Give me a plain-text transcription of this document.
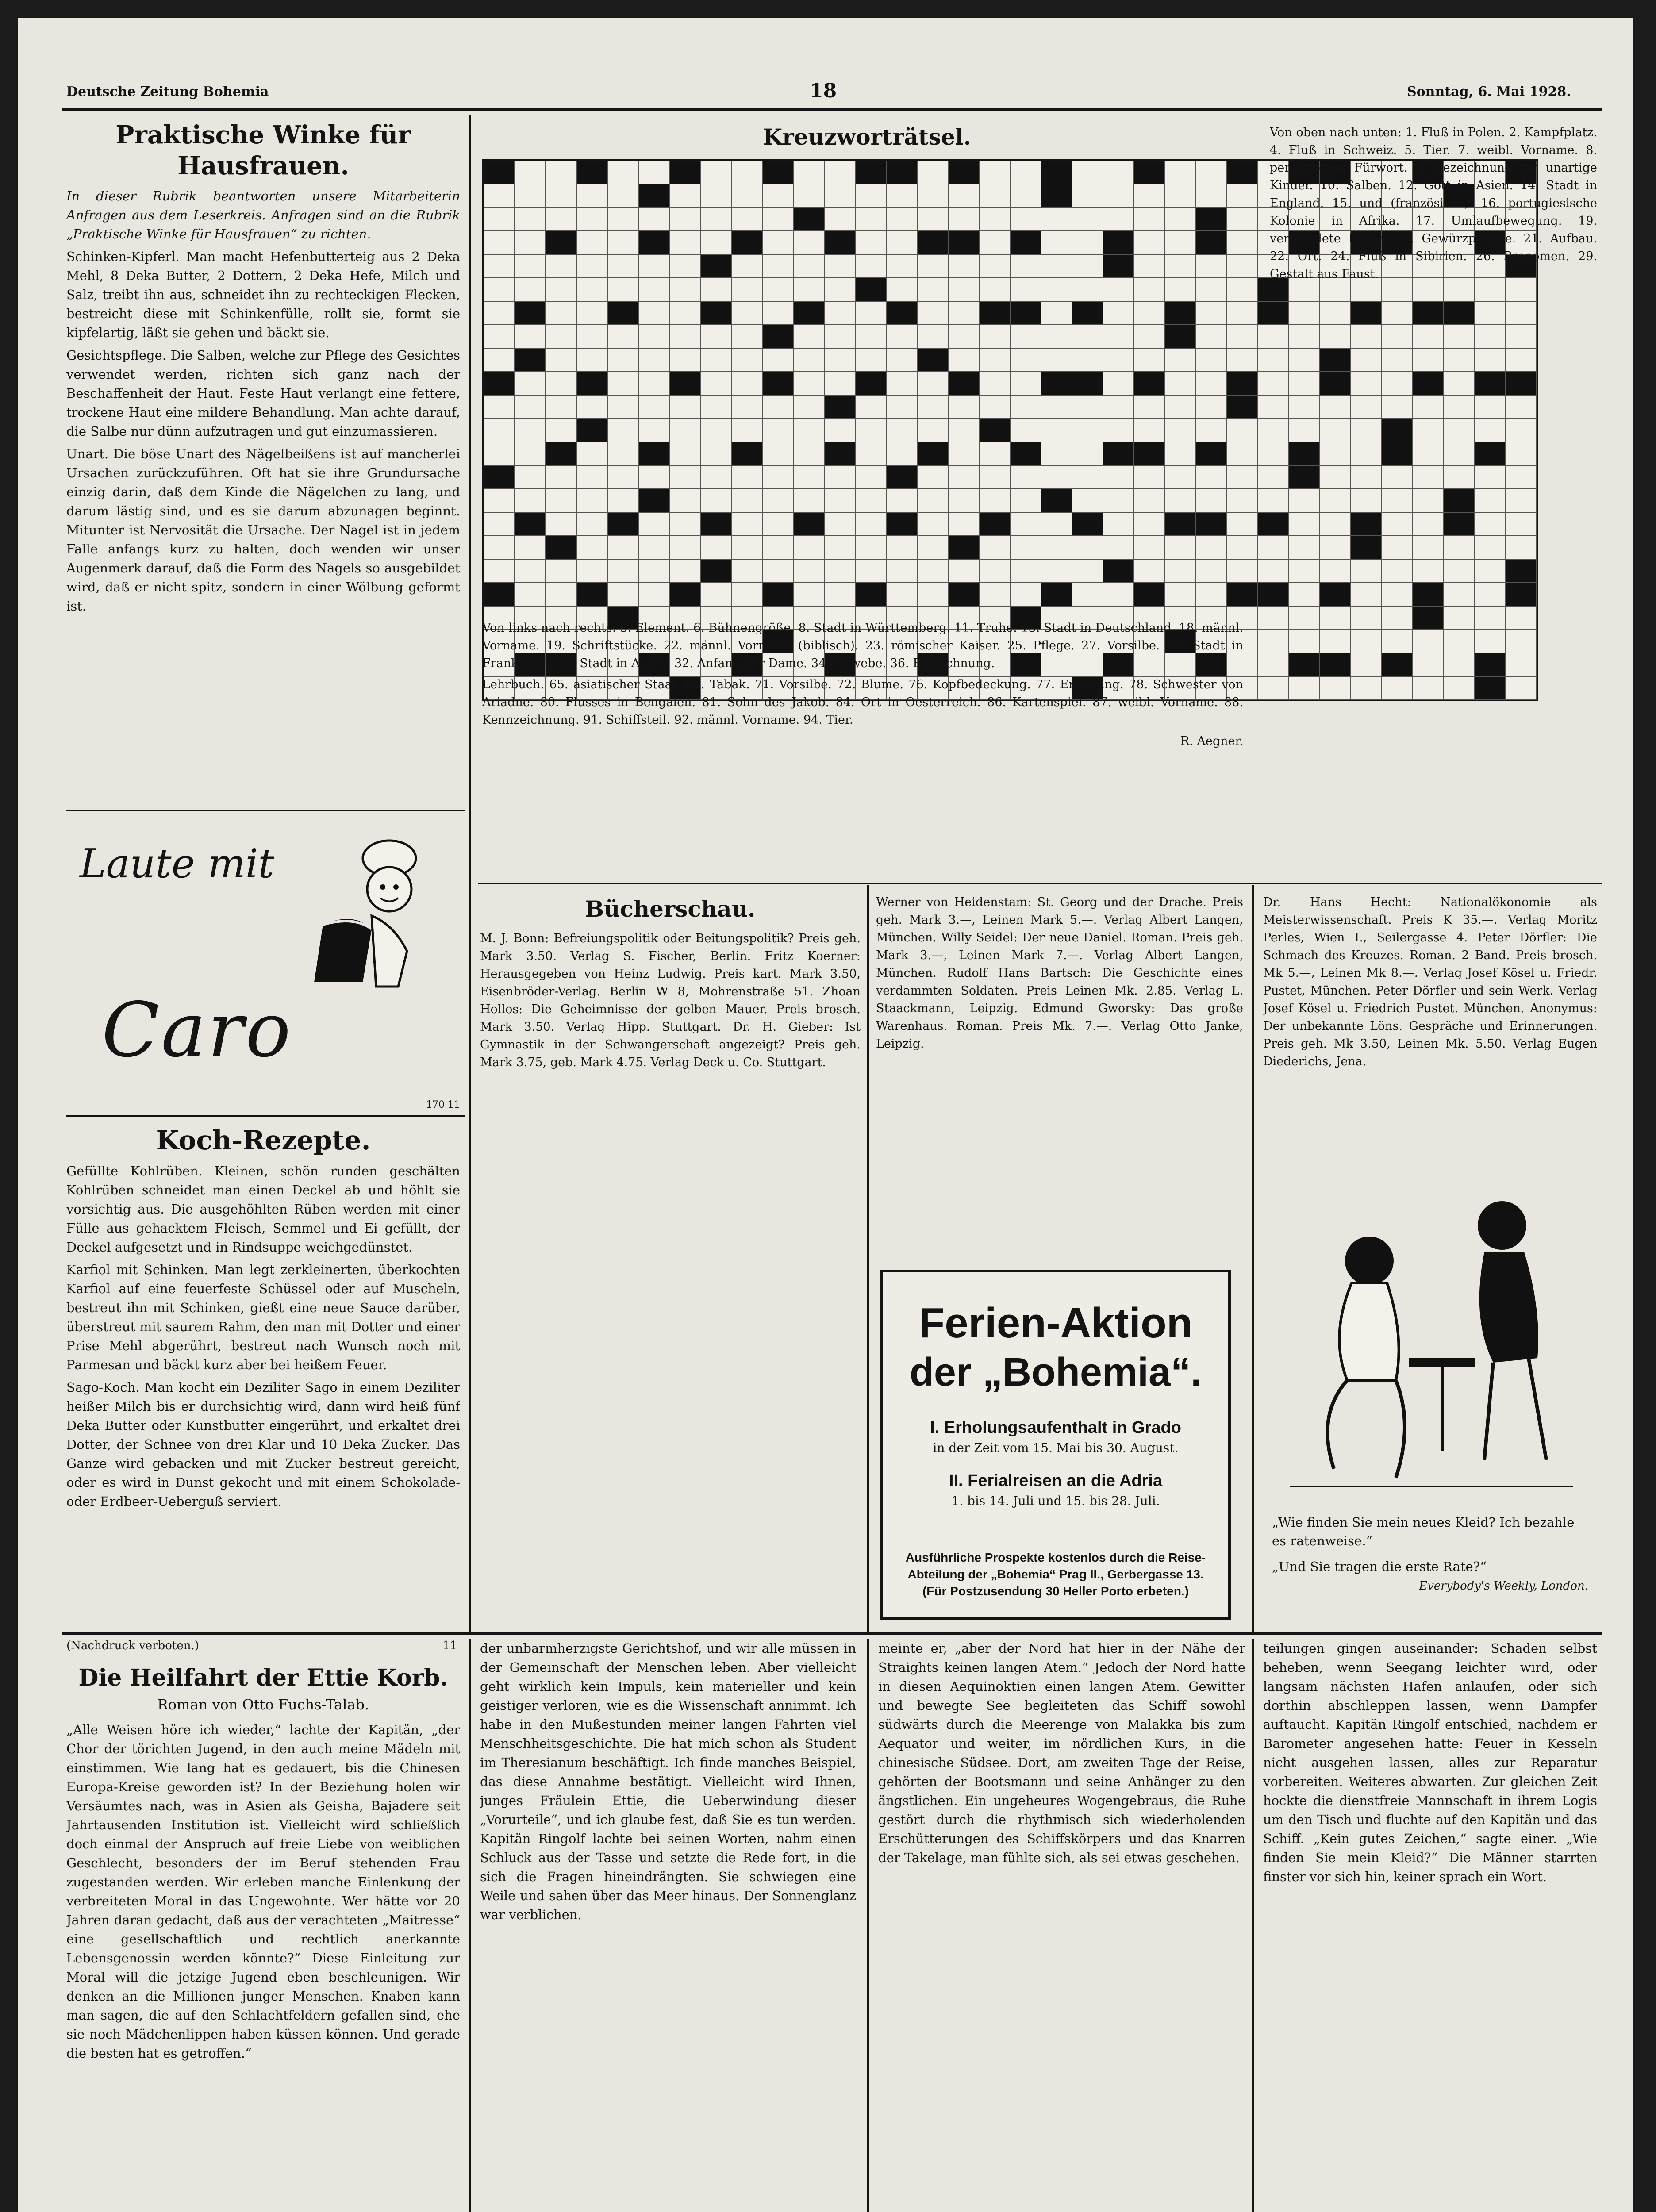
Deutsche Zeitung Bohemia	18	Sonntag, 6. Mai 1928.
Praktische Winke für Hausfrauen.

In dieser Rubrik beantworten unsere Mitarbeiterin Anfragen aus dem Leserkreis. Anfragen sind an die Rubrik „Praktische Winke für Hausfrauen“ zu richten.

Schinken-Kipferl. Man macht Hefenbutterteig aus 2 Deka Mehl, 8 Deka Butter, 2 Dottern, 2 Deka Hefe, Milch und Salz, treibt ihn aus, schneidet ihn zu rechteckigen Flecken, bestreicht diese mit Schinkenfülle, rollt sie, formt sie kipfelartig, läßt sie gehen und bäckt sie.

Gesichtspflege. Die Salben, welche zur Pflege des Gesichtes verwendet werden, richten sich ganz nach der Beschaffenheit der Haut. Feste Haut verlangt eine fettere, trockene Haut eine mildere Behandlung. Man achte darauf, die Salbe nur dünn aufzutragen und gut einzumassieren.

Unart. Die böse Unart des Nägelbeißens ist auf mancherlei Ursachen zurückzuführen. Oft hat sie ihre Grundursache einzig darin, daß dem Kinde die Nägelchen zu lang, und darum lästig sind, und es sie darum abzunagen beginnt. Mitunter ist Nervosität die Ursache. Der Nagel ist in jedem Falle anfangs kurz zu halten, doch wenden wir unser Augenmerk darauf, daß die Form des Nagels so ausgebildet wird, daß er nicht spitz, sondern in einer Wölbung geformt ist.

Laute mit
Caro
170 11
Koch-Rezepte.

Gefüllte Kohlrüben. Kleinen, schön runden geschälten Kohlrüben schneidet man einen Deckel ab und höhlt sie vorsichtig aus. Die ausgehöhlten Rüben werden mit einer Fülle aus gehacktem Fleisch, Semmel und Ei gefüllt, der Deckel aufgesetzt und in Rindsuppe weichgedünstet.

Karfiol mit Schinken. Man legt zerkleinerten, überkochten Karfiol auf eine feuerfeste Schüssel oder auf Muscheln, bestreut ihn mit Schinken, gießt eine neue Sauce darüber, überstreut mit saurem Rahm, den man mit Dotter und einer Prise Mehl abgerührt, bestreut nach Wunsch noch mit Parmesan und bäckt kurz aber bei heißem Feuer.

Sago-Koch. Man kocht ein Deziliter Sago in einem Deziliter heißer Milch bis er durchsichtig wird, dann wird heiß fünf Deka Butter oder Kunstbutter eingerührt, und erkaltet drei Dotter, der Schnee von drei Klar und 10 Deka Zucker. Das Ganze wird gebacken und mit Zucker bestreut gereicht, oder es wird in Dunst gekocht und mit einem Schokolade- oder Erdbeer-Ueberguß serviert.

Kreuzworträtsel.	Von oben nach unten: 1. Fluß in Polen. 2. Kampfplatz. 4. Fluß in Schweiz. 5. Tier. 7. weibl. Vorname. 8. persönliches Fürwort. 9. Bezeichnung für unartige Kinder. 10. Salben. 12. Gott in Asien. 14. Stadt in England. 15. und (französisch). 16. portugiesische Kolonie in Afrika. 17. Umlaufbewegung. 19. verwendete Farbe. 20. Gewürzpflanze. 21. Aufbau. 22. Ort. 24. Fluß in Sibirien. 26. Pronomen. 29. Gestalt aus Faust.

Von links nach rechts: 3. Element. 6. Bühnengröße. 8. Stadt in Württemberg. 11. Truhe. 13. Stadt in Deutschland. 18. männl. Vorname. 19. Schriftstücke. 22. männl. Vorname (biblisch). 23. römischer Kaiser. 25. Pflege. 27. Vorsilbe. 28. Stadt in Frankreich. 30. Stadt in Algier. 32. Anfang der Dame. 34. Gewebe. 36. Bezeichnung.

Lehrbuch. 65. asiatischer Staat. 67. Tabak. 71. Vorsilbe. 72. Blume. 76. Kopfbedeckung. 77. Erhebung. 78. Schwester von Ariadne. 80. Flusses in Bengalen. 81. Sohn des Jakob. 84. Ort in Oesterreich. 86. Kartenspiel. 87. weibl. Vorname. 88. Kennzeichnung. 91. Schiffsteil. 92. männl. Vorname. 94. Tier.

R. Aegner.

Bücherschau.

M. J. Bonn: Befreiungspolitik oder Beitungspolitik? Preis geh. Mark 3.50. Verlag S. Fischer, Berlin. Fritz Koerner: Herausgegeben von Heinz Ludwig. Preis kart. Mark 3.50, Eisenbröder-Verlag. Berlin W 8, Mohrenstraße 51. Zhoan Hollos: Die Geheimnisse der gelben Mauer. Preis brosch. Mark 3.50. Verlag Hipp. Stuttgart. Dr. H. Gieber: Ist Gymnastik in der Schwangerschaft angezeigt? Preis geh. Mark 3.75, geb. Mark 4.75. Verlag Deck u. Co. Stuttgart.

Werner von Heidenstam: St. Georg und der Drache. Preis geh. Mark 3.—, Leinen Mark 5.—. Verlag Albert Langen, München. Willy Seidel: Der neue Daniel. Roman. Preis geh. Mark 3.—, Leinen Mark 7.—. Verlag Albert Langen, München. Rudolf Hans Bartsch: Die Geschichte eines verdammten Soldaten. Preis Leinen Mk. 2.85. Verlag L. Staackmann, Leipzig. Edmund Gworsky: Das große Warenhaus. Roman. Preis Mk. 7.—. Verlag Otto Janke, Leipzig.

Ferien-Aktion
der „Bohemia“.
I. Erholungsaufenthalt in Grado
in der Zeit vom 15. Mai bis 30. August.
II. Ferialreisen an die Adria
1. bis 14. Juli und 15. bis 28. Juli.
Ausführliche Prospekte kostenlos durch die Reise-Abteilung der „Bohemia“ Prag II., Gerbergasse 13. (Für Postzusendung 30 Heller Porto erbeten.)

Dr. Hans Hecht: Nationalökonomie als Meisterwissenschaft. Preis K 35.—. Verlag Moritz Perles, Wien I., Seilergasse 4. Peter Dörfler: Die Schmach des Kreuzes. Roman. 2 Band. Preis brosch. Mk 5.—, Leinen Mk 8.—. Verlag Josef Kösel u. Friedr. Pustet, München. Peter Dörfler und sein Werk. Verlag Josef Kösel u. Friedrich Pustet. München. Anonymus: Der unbekannte Löns. Gespräche und Erinnerungen. Preis geh. Mk 3.50, Leinen Mk. 5.50. Verlag Eugen Diederichs, Jena.

„Wie finden Sie mein neues Kleid? Ich bezahle es ratenweise.“
„Und Sie tragen die erste Rate?“
Everybody's Weekly, London.
(Nachdruck verboten.)	11
Die Heilfahrt der Ettie Korb.
Roman von Otto Fuchs-Talab.

„Alle Weisen höre ich wieder,“ lachte der Kapitän, „der Chor der törichten Jugend, in den auch meine Mädeln mit einstimmen. Wie lang hat es gedauert, bis die Chinesen Europa-Kreise geworden ist? In der Beziehung holen wir Versäumtes nach, was in Asien als Geisha, Bajadere seit Jahrtausenden Institution ist. Vielleicht wird schließlich doch einmal der Anspruch auf freie Liebe von weiblichen Geschlecht, besonders der im Beruf stehenden Frau zugestanden werden. Wir erleben manche Einlenkung der verbreiteten Moral in das Ungewohnte. Wer hätte vor 20 Jahren daran gedacht, daß aus der verachteten „Maitresse“ eine gesellschaftlich und rechtlich anerkannte Lebensgenossin werden könnte?“ Diese Einleitung zur Moral will die jetzige Jugend eben beschleunigen. Wir denken an die Millionen junger Menschen. Knaben kann man sagen, die auf den Schlachtfeldern gefallen sind, ehe sie noch Mädchenlippen haben küssen können. Und gerade die besten hat es getroffen.“

der unbarmherzigste Gerichtshof, und wir alle müssen in der Gemeinschaft der Menschen leben. Aber vielleicht geht wirklich kein Impuls, kein materieller und kein geistiger verloren, wie es die Wissenschaft annimmt. Ich habe in den Mußestunden meiner langen Fahrten viel Menschheitsgeschichte. Die hat mich schon als Student im Theresianum beschäftigt. Ich finde manches Beispiel, das diese Annahme bestätigt. Vielleicht wird Ihnen, junges Fräulein Ettie, die Ueberwindung dieser „Vorurteile“, und ich glaube fest, daß Sie es tun werden. Kapitän Ringolf lachte bei seinen Worten, nahm einen Schluck aus der Tasse und setzte die Rede fort, in die sich die Fragen hineindrängten. Sie schwiegen eine Weile und sahen über das Meer hinaus. Der Sonnenglanz war verblichen.

meinte er, „aber der Nord hat hier in der Nähe der Straights keinen langen Atem.“ Jedoch der Nord hatte in diesen Aequinoktien einen langen Atem. Gewitter und bewegte See begleiteten das Schiff sowohl südwärts durch die Meerenge von Malakka bis zum Aequator und weiter, im nördlichen Kurs, in die chinesische Südsee. Dort, am zweiten Tage der Reise, gehörten der Bootsmann und seine Anhänger zu den ängstlichen. Ein ungeheures Wogengebraus, die Ruhe gestört durch die rhythmisch sich wiederholenden Erschütterungen des Schiffskörpers und das Knarren der Takelage, man fühlte sich, als sei etwas geschehen.

teilungen gingen auseinander: Schaden selbst beheben, wenn Seegang leichter wird, oder langsam nächsten Hafen anlaufen, oder sich dorthin abschleppen lassen, wenn Dampfer auftaucht. Kapitän Ringolf entschied, nachdem er Barometer angesehen hatte: Feuer in Kesseln nicht ausgehen lassen, alles zur Reparatur vorbereiten. Weiteres abwarten. Zur gleichen Zeit hockte die dienstfreie Mannschaft in ihrem Logis um den Tisch und fluchte auf den Kapitän und das Schiff. „Kein gutes Zeichen,“ sagte einer. „Wie finden Sie mein Kleid?“ Die Männer starrten finster vor sich hin, keiner sprach ein Wort.
